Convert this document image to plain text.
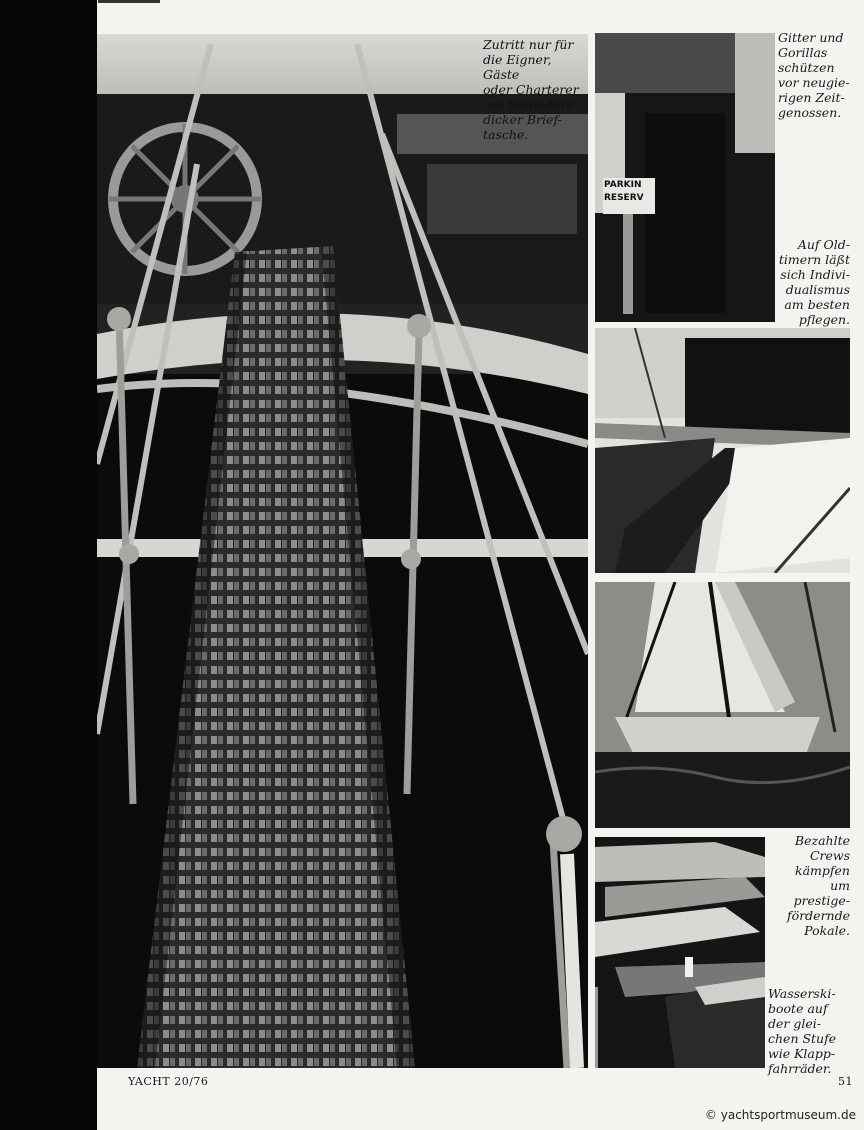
Zutritt nur für
die Eigner, Gäste
oder Charterer
mit besonders
dicker Brief-
tasche.

PARKIN
RESERV

Gitter und
Gorillas
schützen
vor neugie-
rigen Zeit-
genossen.

Auf Old-
timern läßt
sich Indivi-
dualismus
am besten
pflegen.

Bezahlte
Crews
kämpfen
um
prestige-
fördernde
Pokale.

Wasserski-
boote auf
der glei-
chen Stufe
wie Klapp-
fahrräder.

YACHT 20/76	51

© yachtsportmuseum.de
